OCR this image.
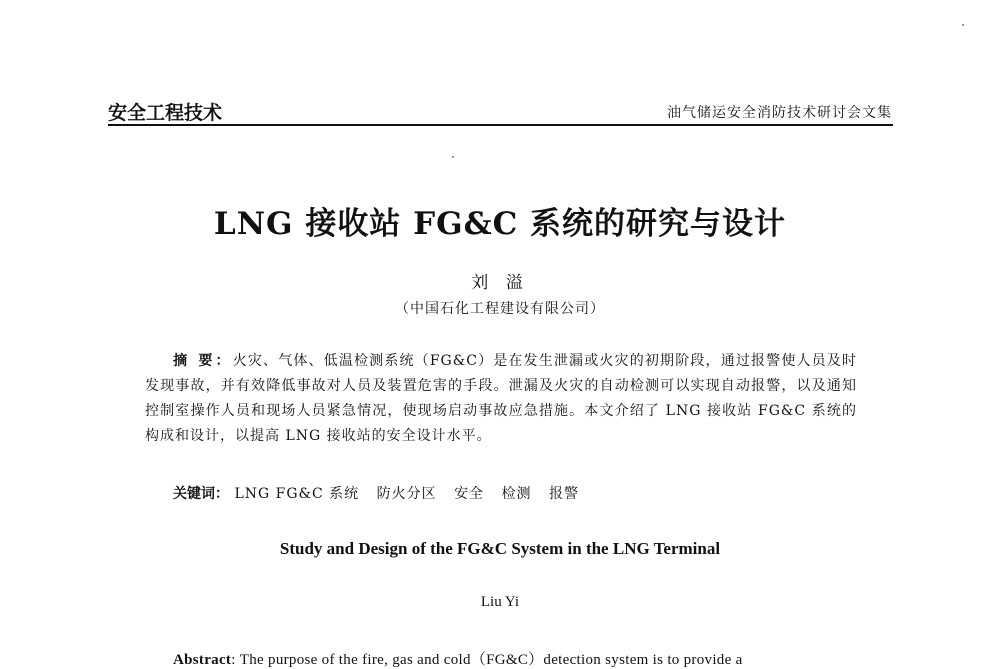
安全工程技术	油气储运安全消防技术研讨会文集
LNG 接收站 FG&C 系统的研究与设计
刘 溢
（中国石化工程建设有限公司）
摘 要：火灾、气体、低温检测系统（FG&C）是在发生泄漏或火灾的初期阶段，通过报警使人员及时发现事故，并有效降低事故对人员及装置危害的手段。泄漏及火灾的自动检测可以实现自动报警，以及通知控制室操作人员和现场人员紧急情况，使现场启动事故应急措施。本文介绍了 LNG 接收站 FG&C 系统的构成和设计，以提高 LNG 接收站的安全设计水平。
关键词： LNG FG&C 系统 防火分区 安全 检测 报警
Study and Design of the FG&C System in the LNG Terminal
Liu Yi
Abstract: The purpose of the fire, gas and cold（FG&C）detection system is to provide a
